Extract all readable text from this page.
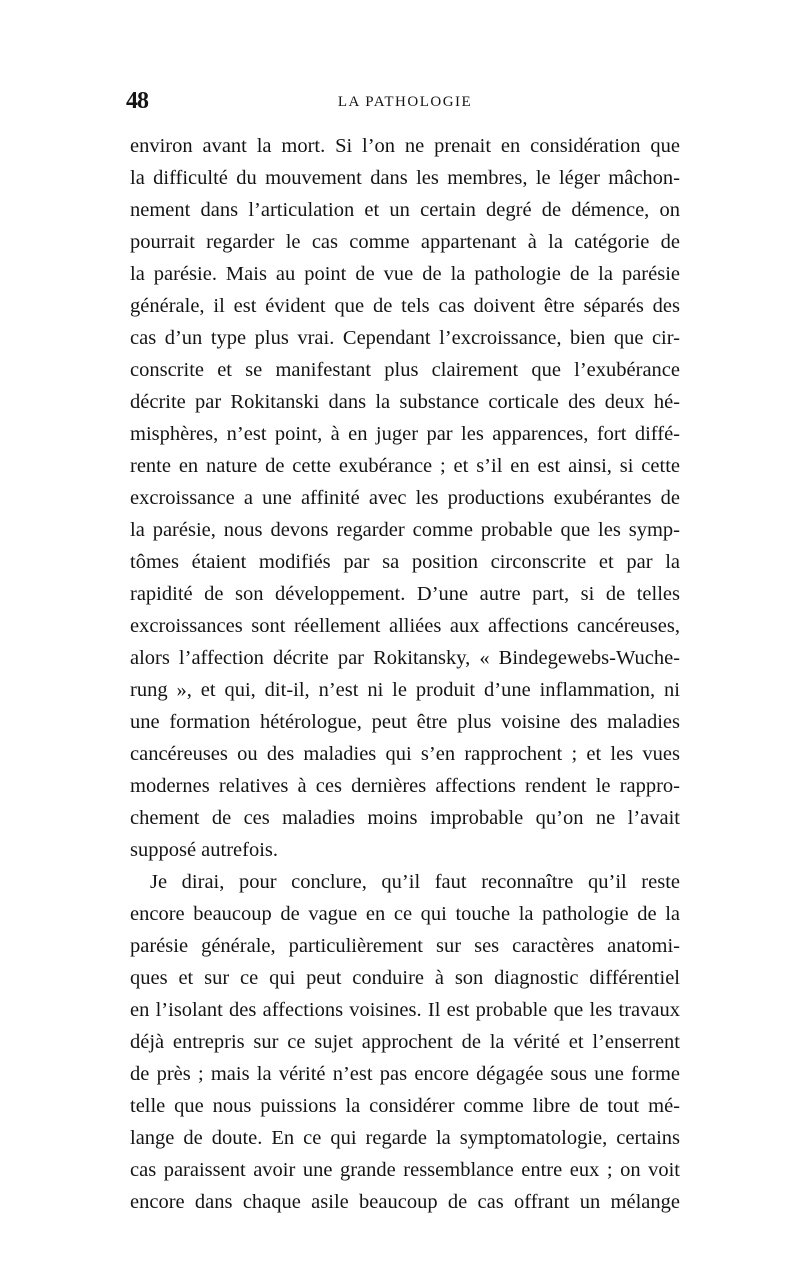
48	LA PATHOLOGIE
environ avant la mort. Si l’on ne prenait en considération que
la difficulté du mouvement dans les membres, le léger mâchon-
nement dans l’articulation et un certain degré de démence, on
pourrait regarder le cas comme appartenant à la catégorie de
la parésie. Mais au point de vue de la pathologie de la parésie
générale, il est évident que de tels cas doivent être séparés des
cas d’un type plus vrai. Cependant l’excroissance, bien que cir-
conscrite et se manifestant plus clairement que l’exubérance
décrite par Rokitanski dans la substance corticale des deux hé-
misphères, n’est point, à en juger par les apparences, fort diffé-
rente en nature de cette exubérance ; et s’il en est ainsi, si cette
excroissance a une affinité avec les productions exubérantes de
la parésie, nous devons regarder comme probable que les symp-
tômes étaient modifiés par sa position circonscrite et par la
rapidité de son développement. D’une autre part, si de telles
excroissances sont réellement alliées aux affections cancéreuses,
alors l’affection décrite par Rokitansky, « Bindegewebs-Wuche-
rung », et qui, dit-il, n’est ni le produit d’une inflammation, ni
une formation hétérologue, peut être plus voisine des maladies
cancéreuses ou des maladies qui s’en rapprochent ; et les vues
modernes relatives à ces dernières affections rendent le rappro-
chement de ces maladies moins improbable qu’on ne l’avait
supposé autrefois.
Je dirai, pour conclure, qu’il faut reconnaître qu’il reste
encore beaucoup de vague en ce qui touche la pathologie de la
parésie générale, particulièrement sur ses caractères anatomi-
ques et sur ce qui peut conduire à son diagnostic différentiel
en l’isolant des affections voisines. Il est probable que les travaux
déjà entrepris sur ce sujet approchent de la vérité et l’enserrent
de près ; mais la vérité n’est pas encore dégagée sous une forme
telle que nous puissions la considérer comme libre de tout mé-
lange de doute. En ce qui regarde la symptomatologie, certains
cas paraissent avoir une grande ressemblance entre eux ; on voit
encore dans chaque asile beaucoup de cas offrant un mélange
